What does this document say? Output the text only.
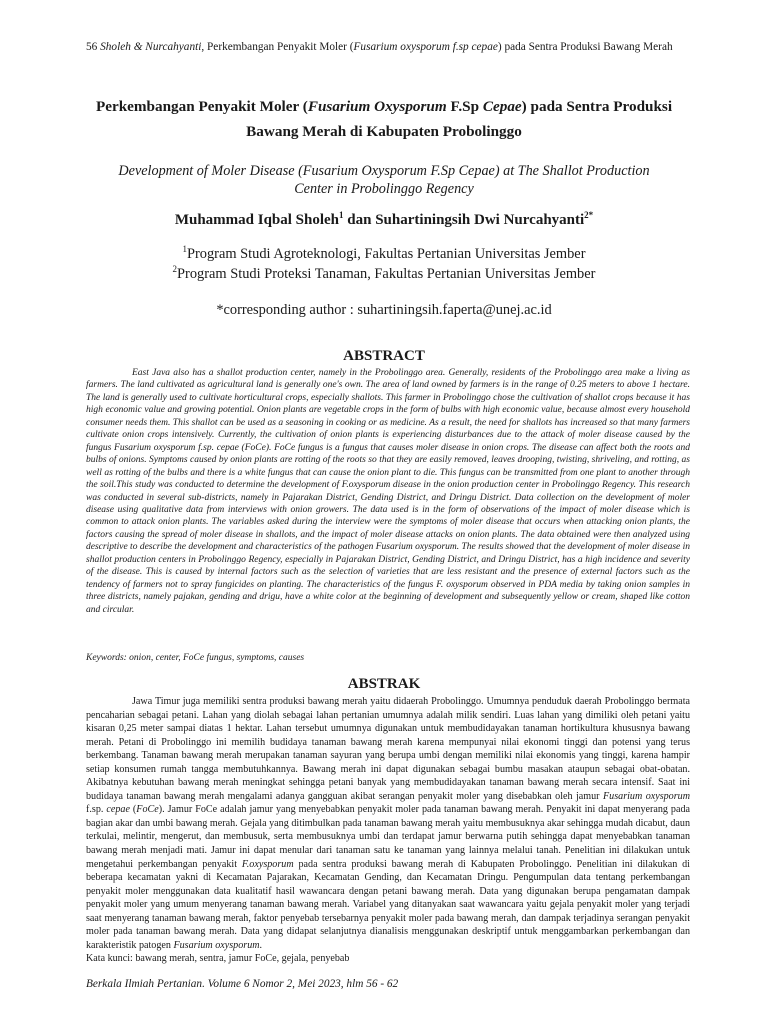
56 Sholeh & Nurcahyanti, Perkembangan Penyakit Moler (Fusarium oxysporum f.sp cepae) pada Sentra Produksi Bawang Merah
Perkembangan Penyakit Moler (Fusarium Oxysporum F.Sp Cepae) pada Sentra Produksi
Bawang Merah di Kabupaten Probolinggo
Development of Moler Disease (Fusarium Oxysporum F.Sp Cepae) at The Shallot Production
Center in Probolinggo Regency
Muhammad Iqbal Sholeh$^1$ dan Suhartiningsih Dwi Nurcahyanti$^{2*}$
$^1$Program Studi Agroteknologi, Fakultas Pertanian Universitas Jember
$^2$Program Studi Proteksi Tanaman, Fakultas Pertanian Universitas Jember
*corresponding author : suhartiningsih.faperta@unej.ac.id
ABSTRACT

East Java also has a shallot production center, namely in the Probolinggo area. Generally, residents of the Probolinggo area make a living as farmers. The land cultivated as agricultural land is generally one's own. The area of land owned by farmers is in the range of 0.25 meters to above 1 hectare. The land is generally used to cultivate horticultural crops, especially shallots. This farmer in Probolinggo chose the cultivation of shallot crops because it has high economic value and growing potential. Onion plants are vegetable crops in the form of bulbs with high economic value, because almost every household consumer needs them. This shallot can be used as a seasoning in cooking or as medicine. As a result, the need for shallots has increased so that many farmers cultivate onion crops intensively. Currently, the cultivation of onion plants is experiencing disturbances due to the attack of moler disease caused by the fungus Fusarium oxysporum f.sp. cepae (FoCe). FoCe fungus is a fungus that causes moler disease in onion crops. The disease can affect both the roots and bulbs of onions. Symptoms caused by onion plants are rotting of the roots so that they are easily removed, leaves drooping, twisting, shriveling, and rotting, as well as rotting of the bulbs and there is a white fungus that can cause the onion plant to die. This fungus can be transmitted from one plant to another through the soil.This study was conducted to determine the development of F.oxysporum disease in the onion production center in Probolinggo Regency. This research was conducted in several sub-districts, namely in Pajarakan District, Gending District, and Dringu District. Data collection on the development of moler disease using qualitative data from interviews with onion growers. The data used is in the form of observations of the impact of moler disease which is common to attack onion plants. The variables asked during the interview were the symptoms of moler disease that occurs when attacking onion plants, the factors causing the spread of moler disease in shallots, and the impact of moler disease attacks on onion plants. The data obtained were then analyzed using descriptive to describe the development and characteristics of the pathogen Fusarium oxysporum. The results showed that the development of moler disease in shallot production centers in Probolinggo Regency, especially in Pajarakan District, Gending District, and Dringu District, has a high incidence and severity of the disease. This is caused by internal factors such as the selection of varieties that are less resistant and the presence of external factors such as the tendency of farmers not to spray fungicides on planting. The characteristics of the fungus F. oxysporum observed in PDA media by taking onion samples in three districts, namely pajakan, gending and drigu, have a white color at the beginning of development and subsequently yellow or cream, shaped like cotton and circular.

Keywords: onion, center, FoCe fungus, symptoms, causes
ABSTRAK

Jawa Timur juga memiliki sentra produksi bawang merah yaitu didaerah Probolinggo. Umumnya penduduk daerah Probolinggo bermata pencaharian sebagai petani. Lahan yang diolah sebagai lahan pertanian umumnya adalah milik sendiri. Luas lahan yang dimiliki oleh petani yaitu kisaran 0,25 meter sampai diatas 1 hektar. Lahan tersebut umumnya digunakan untuk membudidayakan tanaman hortikultura khususnya bawang merah. Petani di Probolinggo ini memilih budidaya tanaman bawang merah karena mempunyai nilai ekonomi tinggi dan potensi yang terus berkembang. Tanaman bawang merah merupakan tanaman sayuran yang berupa umbi dengan memiliki nilai ekonomis yang tinggi, karena hampir setiap konsumen rumah tangga membutuhkannya. Bawang merah ini dapat digunakan sebagai bumbu masakan ataupun sebagai obat-obatan. Akibatnya kebutuhan bawang merah meningkat sehingga petani banyak yang membudidayakan tanaman bawang merah secara intensif. Saat ini budidaya tanaman bawang merah mengalami adanya gangguan akibat serangan penyakit moler yang disebabkan oleh jamur Fusarium oxysporum f.sp. cepae (FoCe). Jamur FoCe adalah jamur yang menyebabkan penyakit moler pada tanaman bawang merah. Penyakit ini dapat menyerang pada bagian akar dan umbi bawang merah. Gejala yang ditimbulkan pada tanaman bawang merah yaitu membusuknya akar sehingga mudah dicabut, daun terkulai, melintir, mengerut, dan membusuk, serta membusuknya umbi dan terdapat jamur berwarna putih sehingga dapat menyebabkan tanaman bawang merah menjadi mati. Jamur ini dapat menular dari tanaman satu ke tanaman yang lainnya melalui tanah. Penelitian ini dilakukan untuk mengetahui perkembangan penyakit F.oxysporum pada sentra produksi bawang merah di Kabupaten Probolinggo. Penelitian ini dilakukan di beberapa kecamatan yakni di Kecamatan Pajarakan, Kecamatan Gending, dan Kecamatan Dringu. Pengumpulan data tentang perkembangan penyakit moler menggunakan data kualitatif hasil wawancara dengan petani bawang merah. Data yang digunakan berupa pengamatan dampak penyakit moler yang umum menyerang tanaman bawang merah. Variabel yang ditanyakan saat wawancara yaitu gejala penyakit moler yang terjadi saat menyerang tanaman bawang merah, faktor penyebab tersebarnya penyakit moler pada bawang merah, dan dampak terjadinya serangan penyakit moler pada tanaman bawang merah. Data yang didapat selanjutnya dianalisis menggunakan deskriptif untuk menggambarkan perkembangan dan karakteristik patogen Fusarium oxysporum.

Kata kunci: bawang merah, sentra, jamur FoCe, gejala, penyebab
Berkala Ilmiah Pertanian. Volume 6 Nomor 2, Mei 2023, hlm 56 - 62
